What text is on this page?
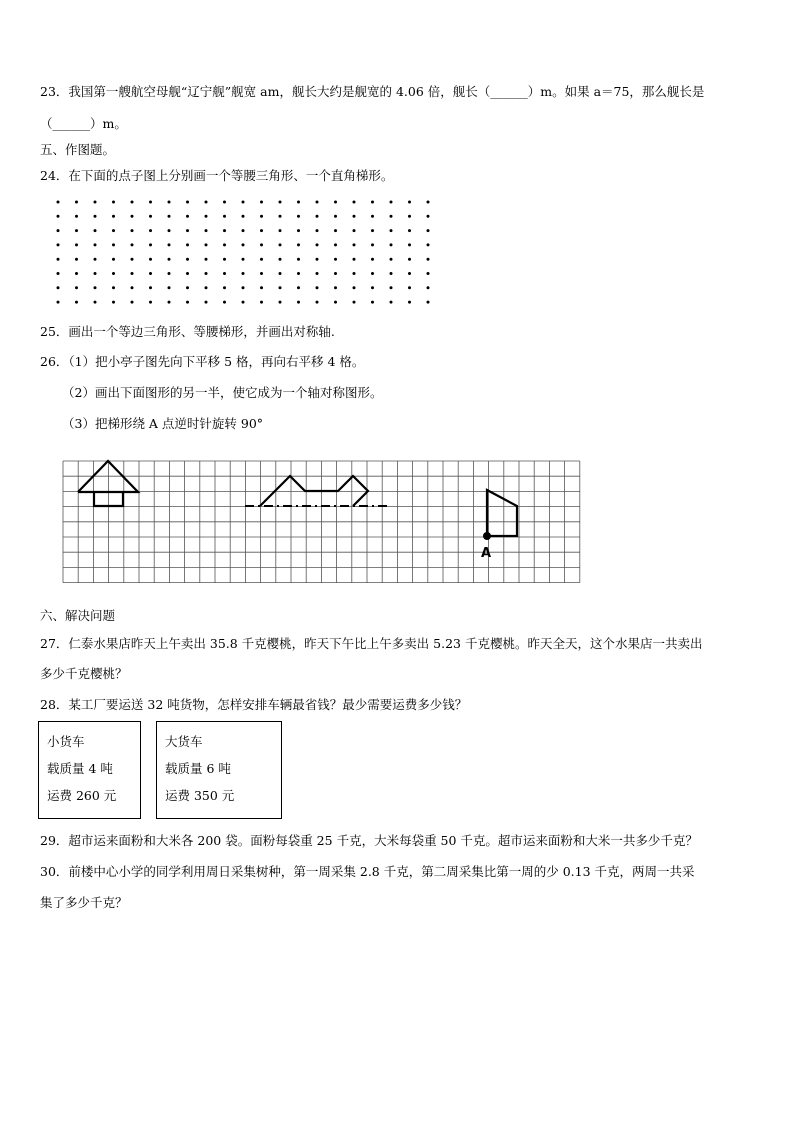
23．我国第一艘航空母舰“辽宁舰”舰宽 am，舰长大约是舰宽的 4.06 倍，舰长（______）m。如果 a＝75，那么舰长是
（______）m。
五、作图题。
24．在下面的点子图上分别画一个等腰三角形、一个直角梯形。
25．画出一个等边三角形、等腰梯形，并画出对称轴.
26．（1）把小亭子图先向下平移 5 格，再向右平移 4 格。
（2）画出下面图形的另一半，使它成为一个轴对称图形。
（3）把梯形绕 A 点逆时针旋转 90°
A
六、解决问题
27．仁泰水果店昨天上午卖出 35.8 千克樱桃，昨天下午比上午多卖出 5.23 千克樱桃。昨天全天，这个水果店一共卖出
多少千克樱桃？
28．某工厂要运送 32 吨货物，怎样安排车辆最省钱？最少需要运费多少钱？
小货车
载质量 4 吨
运费 260 元
大货车
载质量 6 吨
运费 350 元
29．超市运来面粉和大米各 200 袋。面粉每袋重 25 千克，大米每袋重 50 千克。超市运来面粉和大米一共多少千克？
30．前楼中心小学的同学利用周日采集树种，第一周采集 2.8 千克，第二周采集比第一周的少 0.13 千克，两周一共采
集了多少千克？
